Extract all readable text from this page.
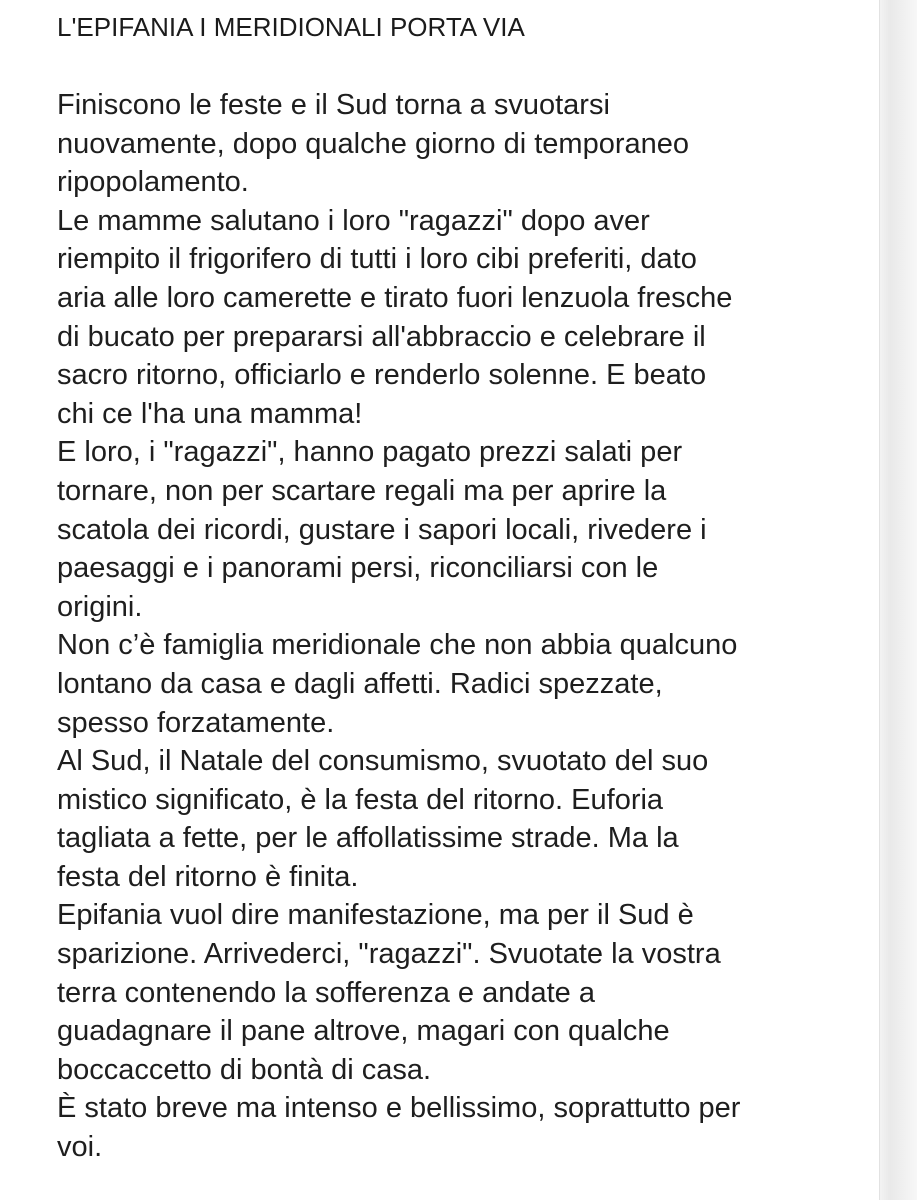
L'EPIFANIA I MERIDIONALI PORTA VIA
Finiscono le feste e il Sud torna a svuotarsi
nuovamente, dopo qualche giorno di temporaneo
ripopolamento.
Le mamme salutano i loro "ragazzi" dopo aver
riempito il frigorifero di tutti i loro cibi preferiti, dato
aria alle loro camerette e tirato fuori lenzuola fresche
di bucato per prepararsi all'abbraccio e celebrare il
sacro ritorno, officiarlo e renderlo solenne. E beato
chi ce l'ha una mamma!
E loro, i "ragazzi", hanno pagato prezzi salati per
tornare, non per scartare regali ma per aprire la
scatola dei ricordi, gustare i sapori locali, rivedere i
paesaggi e i panorami persi, riconciliarsi con le
origini.
Non c’è famiglia meridionale che non abbia qualcuno
lontano da casa e dagli affetti. Radici spezzate,
spesso forzatamente.
Al Sud, il Natale del consumismo, svuotato del suo
mistico significato, è la festa del ritorno. Euforia
tagliata a fette, per le affollatissime strade. Ma la
festa del ritorno è finita.
Epifania vuol dire manifestazione, ma per il Sud è
sparizione. Arrivederci, "ragazzi". Svuotate la vostra
terra contenendo la sofferenza e andate a
guadagnare il pane altrove, magari con qualche
boccaccetto di bontà di casa.
È stato breve ma intenso e bellissimo, soprattutto per
voi.
